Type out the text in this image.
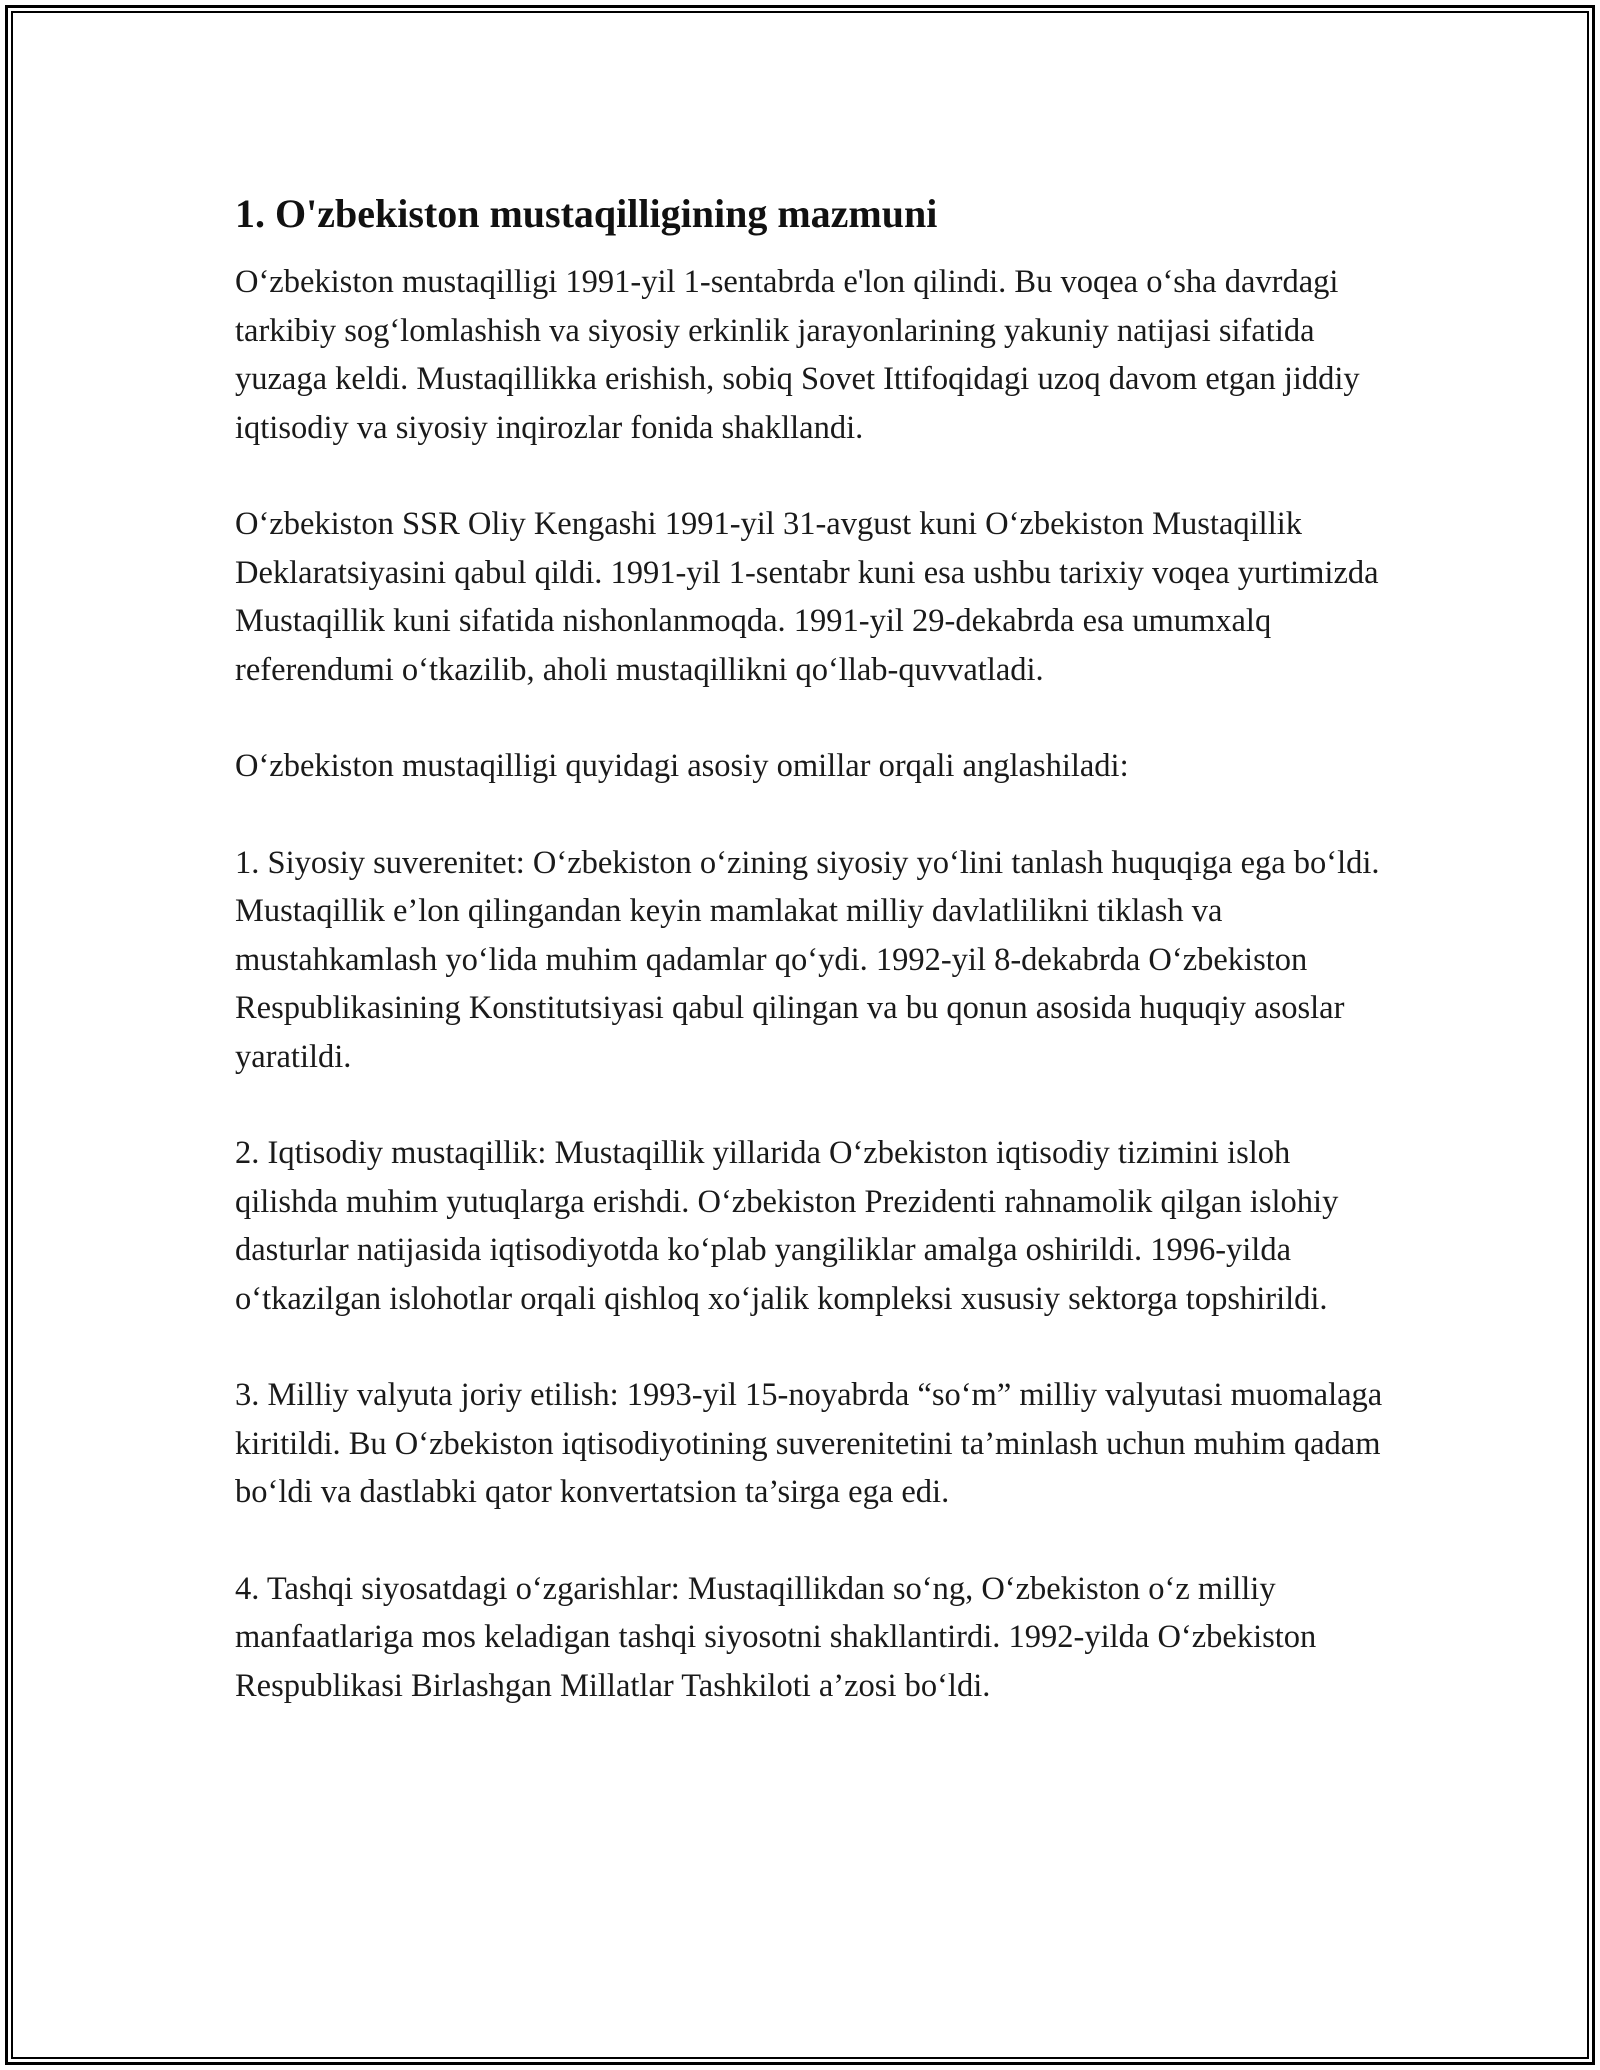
1. O'zbekiston mustaqilligining mazmuni

O‘zbekiston mustaqilligi 1991-yil 1-sentabrda e'lon qilindi. Bu voqea o‘sha davrdagi tarkibiy sog‘lomlashish va siyosiy erkinlik jarayonlarining yakuniy natijasi sifatida yuzaga keldi. Mustaqillikka erishish, sobiq Sovet Ittifoqidagi uzoq davom etgan jiddiy iqtisodiy va siyosiy inqirozlar fonida shakllandi.

O‘zbekiston SSR Oliy Kengashi 1991-yil 31-avgust kuni O‘zbekiston Mustaqillik Deklaratsiyasini qabul qildi. 1991-yil 1-sentabr kuni esa ushbu tarixiy voqea yurtimizda Mustaqillik kuni sifatida nishonlanmoqda. 1991-yil 29-dekabrda esa umumxalq referendumi o‘tkazilib, aholi mustaqillikni qo‘llab-quvvatladi.

O‘zbekiston mustaqilligi quyidagi asosiy omillar orqali anglashiladi:

1. Siyosiy suverenitet: O‘zbekiston o‘zining siyosiy yo‘lini tanlash huquqiga ega bo‘ldi. Mustaqillik e’lon qilingandan keyin mamlakat milliy davlatlilikni tiklash va mustahkamlash yo‘lida muhim qadamlar qo‘ydi. 1992-yil 8-dekabrda O‘zbekiston Respublikasining Konstitutsiyasi qabul qilingan va bu qonun asosida huquqiy asoslar yaratildi.

2. Iqtisodiy mustaqillik: Mustaqillik yillarida O‘zbekiston iqtisodiy tizimini isloh qilishda muhim yutuqlarga erishdi. O‘zbekiston Prezidenti rahnamolik qilgan islohiy dasturlar natijasida iqtisodiyotda ko‘plab yangiliklar amalga oshirildi. 1996-yilda o‘tkazilgan islohotlar orqali qishloq xo‘jalik kompleksi xususiy sektorga topshirildi.

3. Milliy valyuta joriy etilish: 1993-yil 15-noyabrda “so‘m” milliy valyutasi muomalaga kiritildi. Bu O‘zbekiston iqtisodiyotining suverenitetini ta’minlash uchun muhim qadam bo‘ldi va dastlabki qator konvertatsion ta’sirga ega edi.

4. Tashqi siyosatdagi o‘zgarishlar: Mustaqillikdan so‘ng, O‘zbekiston o‘z milliy manfaatlariga mos keladigan tashqi siyosotni shakllantirdi. 1992-yilda O‘zbekiston Respublikasi Birlashgan Millatlar Tashkiloti a’zosi bo‘ldi.
